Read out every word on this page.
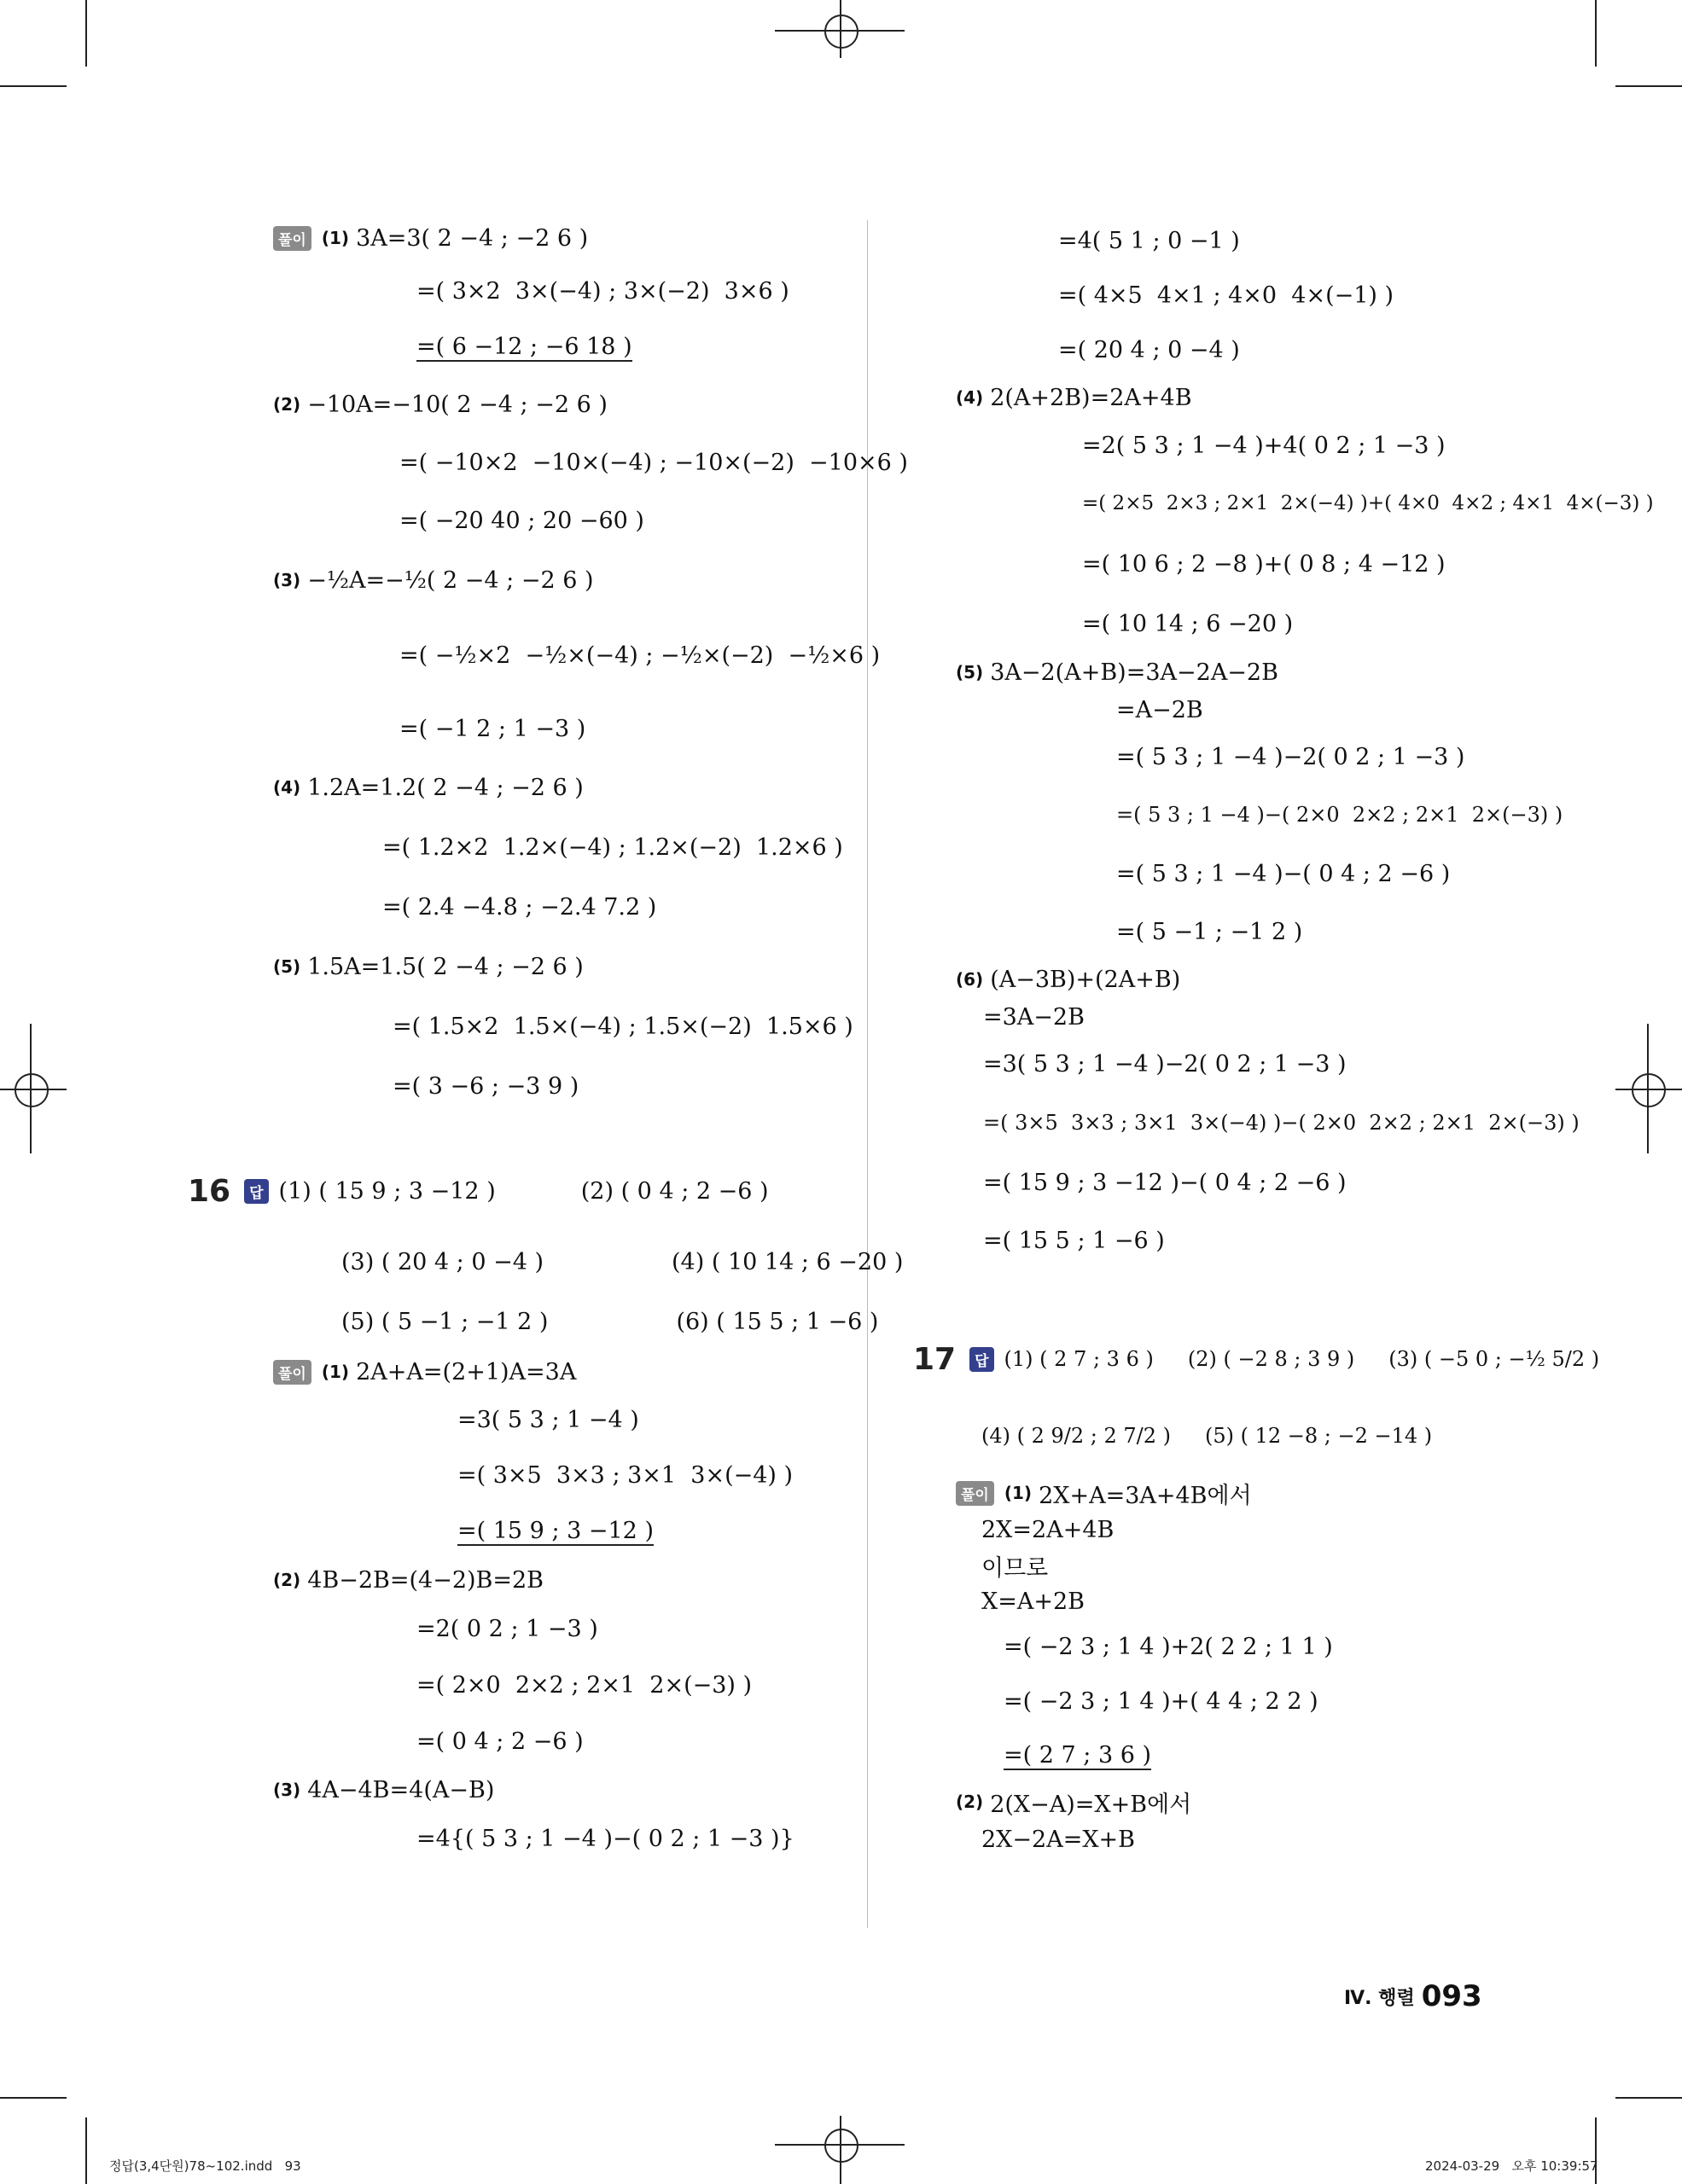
풀이 (1) 3A=3( 2 −4 ; −2 6 )
=( 3×2  3×(−4) ; 3×(−2)  3×6 )
=( 6 −12 ; −6 18 )
(2) −10A=−10( 2 −4 ; −2 6 )
=( −10×2  −10×(−4) ; −10×(−2)  −10×6 )
=( −20 40 ; 20 −60 )
(3) −½A=−½( 2 −4 ; −2 6 )
=( −½×2  −½×(−4) ; −½×(−2)  −½×6 )
=( −1 2 ; 1 −3 )
(4) 1.2A=1.2( 2 −4 ; −2 6 )
=( 1.2×2  1.2×(−4) ; 1.2×(−2)  1.2×6 )
=( 2.4 −4.8 ; −2.4 7.2 )
(5) 1.5A=1.5( 2 −4 ; −2 6 )
=( 1.5×2  1.5×(−4) ; 1.5×(−2)  1.5×6 )
=( 3 −6 ; −3 9 )
16	답 (1) ( 15 9 ; 3 −12 )	(2) ( 0 4 ; 2 −6 )
(3) ( 20 4 ; 0 −4 )	(4) ( 10 14 ; 6 −20 )
(5) ( 5 −1 ; −1 2 )	(6) ( 15 5 ; 1 −6 )
풀이 (1) 2A+A=(2+1)A=3A
=3( 5 3 ; 1 −4 )
=( 3×5  3×3 ; 3×1  3×(−4) )
=( 15 9 ; 3 −12 )
(2) 4B−2B=(4−2)B=2B
=2( 0 2 ; 1 −3 )
=( 2×0  2×2 ; 2×1  2×(−3) )
=( 0 4 ; 2 −6 )
(3) 4A−4B=4(A−B)
=4{( 5 3 ; 1 −4 )−( 0 2 ; 1 −3 )}
=4( 5 1 ; 0 −1 )
=( 4×5  4×1 ; 4×0  4×(−1) )
=( 20 4 ; 0 −4 )
(4) 2(A+2B)=2A+4B
=2( 5 3 ; 1 −4 )+4( 0 2 ; 1 −3 )
=( 2×5  2×3 ; 2×1  2×(−4) )+( 4×0  4×2 ; 4×1  4×(−3) )
=( 10 6 ; 2 −8 )+( 0 8 ; 4 −12 )
=( 10 14 ; 6 −20 )
(5) 3A−2(A+B)=3A−2A−2B
=A−2B
=( 5 3 ; 1 −4 )−2( 0 2 ; 1 −3 )
=( 5 3 ; 1 −4 )−( 2×0  2×2 ; 2×1  2×(−3) )
=( 5 3 ; 1 −4 )−( 0 4 ; 2 −6 )
=( 5 −1 ; −1 2 )
(6) (A−3B)+(2A+B)
=3A−2B
=3( 5 3 ; 1 −4 )−2( 0 2 ; 1 −3 )
=( 3×5  3×3 ; 3×1  3×(−4) )−( 2×0  2×2 ; 2×1  2×(−3) )
=( 15 9 ; 3 −12 )−( 0 4 ; 2 −6 )
=( 15 5 ; 1 −6 )
17	답 (1) ( 2 7 ; 3 6 ) (2) ( −2 8 ; 3 9 ) (3) ( −5 0 ; −½ 5/2 )
(4) ( 2 9/2 ; 2 7/2 ) (5) ( 12 −8 ; −2 −14 )
풀이 (1) 2X+A=3A+4B에서
2X=2A+4B
이므로
X=A+2B
=( −2 3 ; 1 4 )+2( 2 2 ; 1 1 )
=( −2 3 ; 1 4 )+( 4 4 ; 2 2 )
=( 2 7 ; 3 6 )
(2) 2(X−A)=X+B에서
2X−2A=X+B
Ⅳ. 행렬 093
정답(3,4단원)78~102.indd   93	2024-03-29   오후 10:39:57
